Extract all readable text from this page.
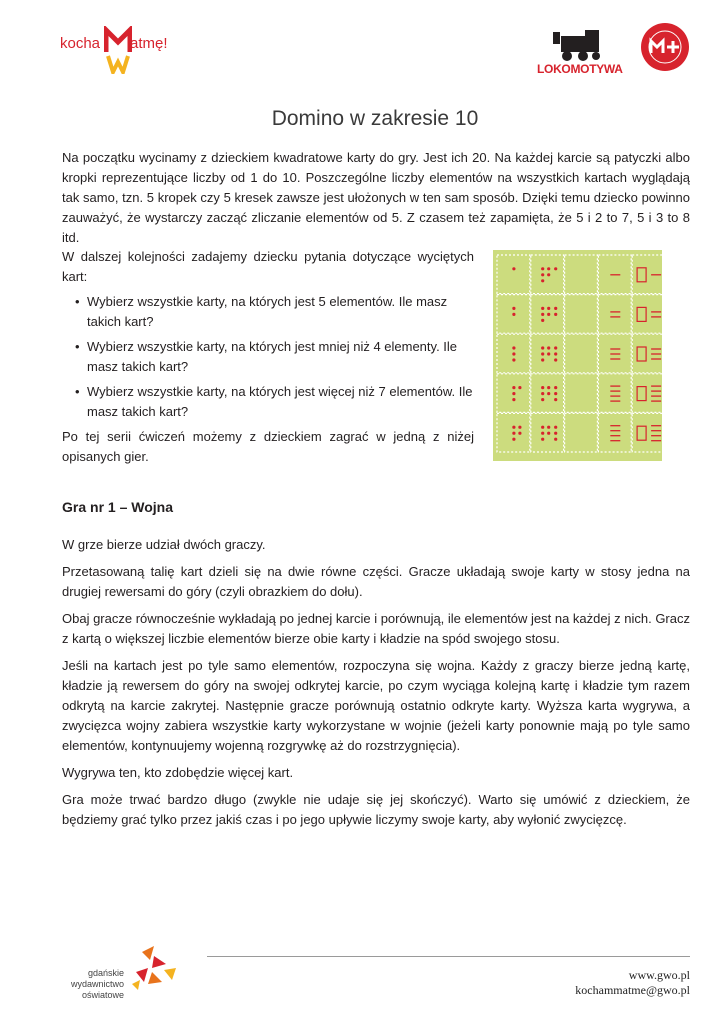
kocha atmę!
LOKOMOTYWA
Domino w zakresie 10

Na początku wycinamy z dzieckiem kwadratowe karty do gry. Jest ich 20. Na każdej karcie są patyczki albo kropki reprezentujące liczby od 1 do 10. Poszczególne liczby elementów na wszystkich kartach wyglądają tak samo, tzn. 5 kropek czy 5 kresek zawsze jest ułożonych w ten sam sposób. Dzięki temu dziecko powinno zauważyć, że wystarczy zacząć zliczanie elementów od 5. Z czasem też zapamięta, że 5 i 2 to 7, 5 i 3 to 8 itd.

W dalszej kolejności zadajemy dziecku pytania dotyczące wyciętych kart:

• Wybierz wszystkie karty, na których jest 5 elementów. Ile masz takich kart?
• Wybierz wszystkie karty, na których jest mniej niż 4 elementy. Ile masz takich kart?
• Wybierz wszystkie karty, na których jest więcej niż 7 elementów. Ile masz takich kart?

Po tej serii ćwiczeń możemy z dzieckiem zagrać w jedną z niżej opisanych gier.

Gra nr 1 – Wojna

W grze bierze udział dwóch graczy.

Przetasowaną talię kart dzieli się na dwie równe części. Gracze układają swoje karty w stosy jedna na drugiej rewersami do góry (czyli obrazkiem do dołu).

Obaj gracze równocześnie wykładają po jednej karcie i porównują, ile elementów jest na każdej z nich. Gracz z kartą o większej liczbie elementów bierze obie karty i kładzie na spód swojego stosu.

Jeśli na kartach jest po tyle samo elementów, rozpoczyna się wojna. Każdy z graczy bierze jedną kartę, kładzie ją rewersem do góry na swojej odkrytej karcie, po czym wyciąga kolejną kartę i kładzie tym razem odkrytą na karcie zakrytej. Następnie gracze porównują ostatnio odkryte karty. Wyższa karta wygrywa, a zwycięzca wojny zabiera wszystkie karty wykorzystane w wojnie (jeżeli karty ponownie mają po tyle samo elementów, kontynuujemy wojenną rozgrywkę aż do rozstrzygnięcia).

Wygrywa ten, kto zdobędzie więcej kart.

Gra może trwać bardzo długo (zwykle nie udaje się jej skończyć). Warto się umówić z dzieckiem, że będziemy grać tylko przez jakiś czas i po jego upływie liczymy swoje karty, aby wyłonić zwycięzcę.

gdańskie wydawnictwo oświatowe
www.gwo.pl
kochammatme@gwo.pl
